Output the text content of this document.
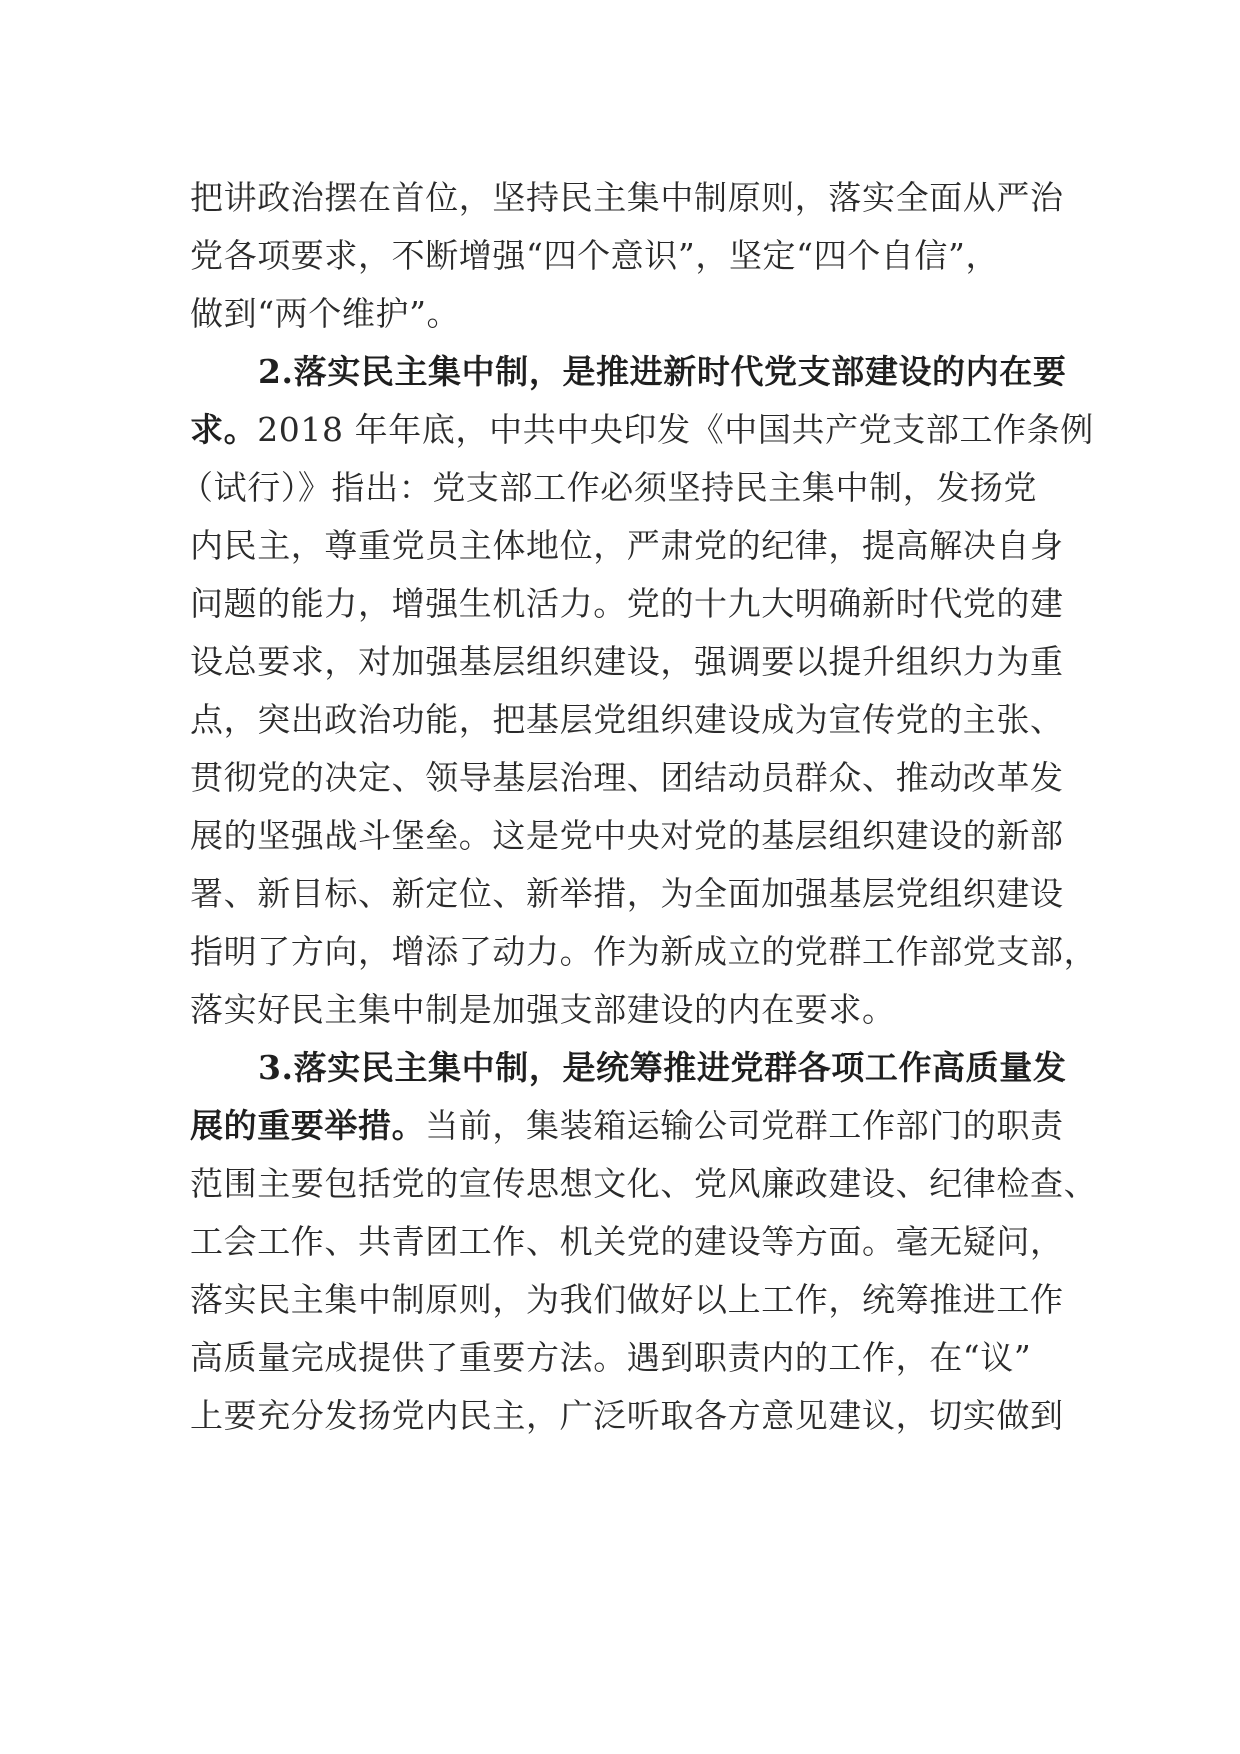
把讲政治摆在首位，坚持民主集中制原则，落实全面从严治
党各项要求，不断增强“四个意识”，坚定“四个自信”，
做到“两个维护”。
2.落实民主集中制，是推进新时代党支部建设的内在要
求。2018 年年底，中共中央印发《中国共产党支部工作条例
（试行）》指出：党支部工作必须坚持民主集中制，发扬党
内民主，尊重党员主体地位，严肃党的纪律，提高解决自身
问题的能力，增强生机活力。党的十九大明确新时代党的建
设总要求，对加强基层组织建设，强调要以提升组织力为重
点，突出政治功能，把基层党组织建设成为宣传党的主张、
贯彻党的决定、领导基层治理、团结动员群众、推动改革发
展的坚强战斗堡垒。这是党中央对党的基层组织建设的新部
署、新目标、新定位、新举措，为全面加强基层党组织建设
指明了方向，增添了动力。作为新成立的党群工作部党支部，
落实好民主集中制是加强支部建设的内在要求。
3.落实民主集中制，是统筹推进党群各项工作高质量发
展的重要举措。当前，集装箱运输公司党群工作部门的职责
范围主要包括党的宣传思想文化、党风廉政建设、纪律检查、
工会工作、共青团工作、机关党的建设等方面。毫无疑问，
落实民主集中制原则，为我们做好以上工作，统筹推进工作
高质量完成提供了重要方法。遇到职责内的工作，在“议”
上要充分发扬党内民主，广泛听取各方意见建议，切实做到
